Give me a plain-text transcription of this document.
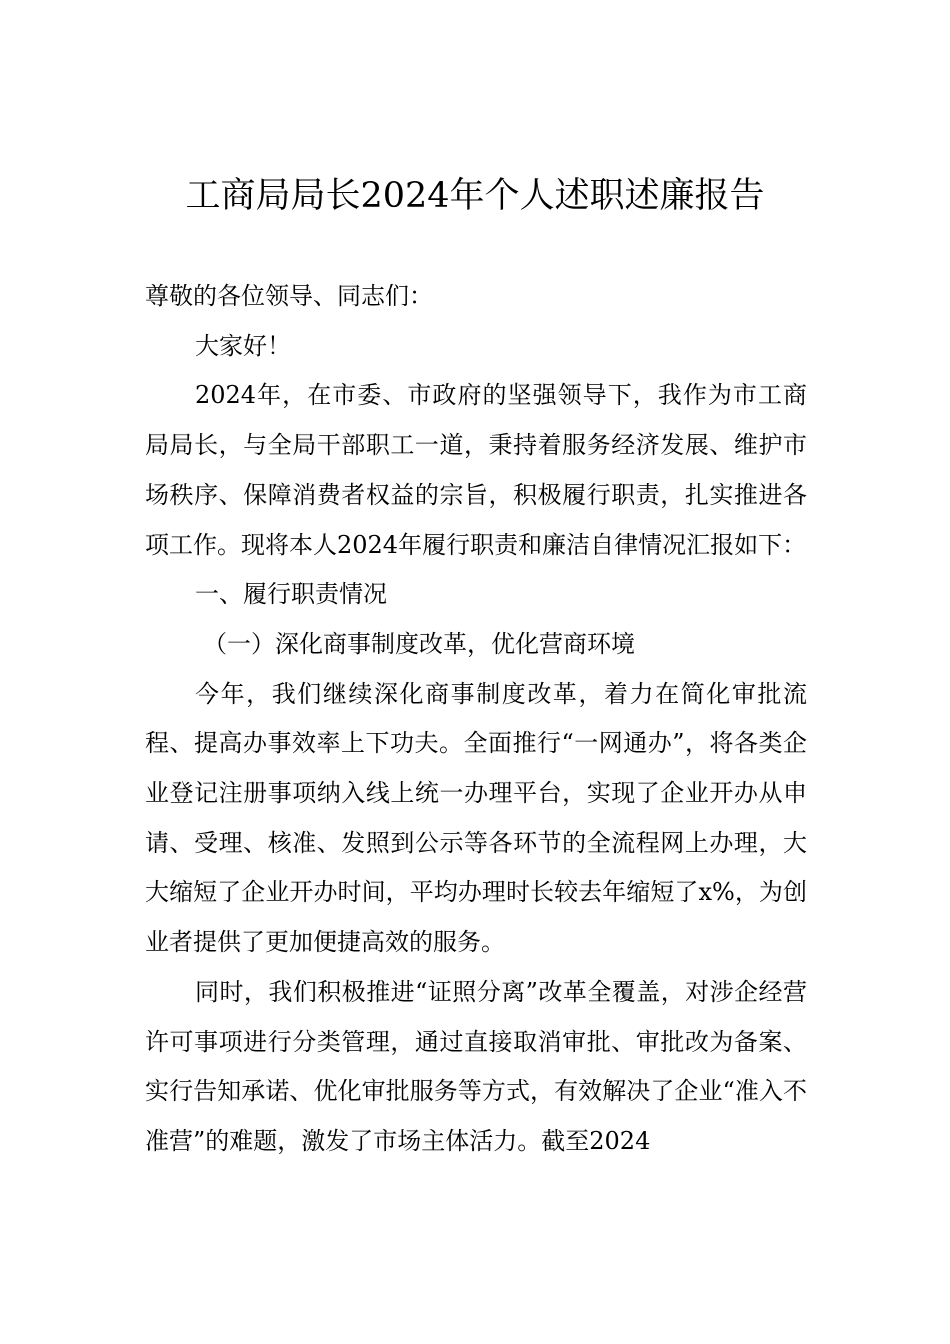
工商局局长2024年个人述职述廉报告

尊敬的各位领导、同志们：

大家好！

2024年，在市委、市政府的坚强领导下，我作为市工商局局长，与全局干部职工一道，秉持着服务经济发展、维护市场秩序、保障消费者权益的宗旨，积极履行职责，扎实推进各项工作。现将本人2024年履行职责和廉洁自律情况汇报如下：

一、履行职责情况

（一）深化商事制度改革，优化营商环境

今年，我们继续深化商事制度改革，着力在简化审批流程、提高办事效率上下功夫。全面推行“一网通办”，将各类企业登记注册事项纳入线上统一办理平台，实现了企业开办从申请、受理、核准、发照到公示等各环节的全流程网上办理，大大缩短了企业开办时间，平均办理时长较去年缩短了x%，为创业者提供了更加便捷高效的服务。

同时，我们积极推进“证照分离”改革全覆盖，对涉企经营许可事项进行分类管理，通过直接取消审批、审批改为备案、实行告知承诺、优化审批服务等方式，有效解决了企业“准入不准营”的难题，激发了市场主体活力。截至2024
